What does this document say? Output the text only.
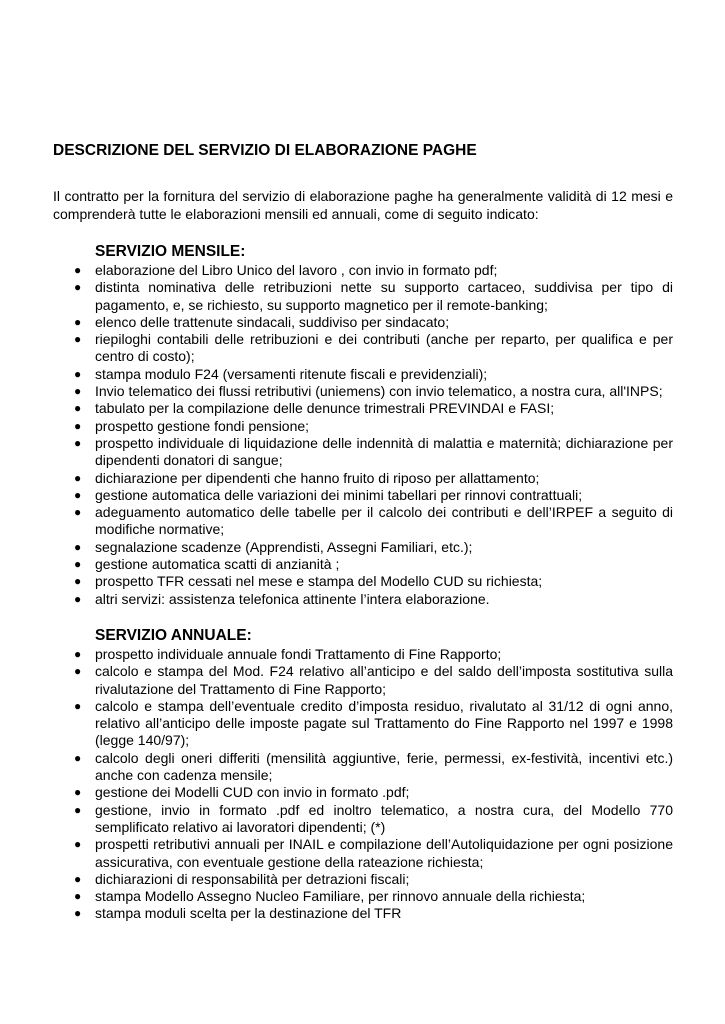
DESCRIZIONE DEL SERVIZIO DI ELABORAZIONE PAGHE

Il contratto per la fornitura del servizio di elaborazione paghe ha generalmente validità di 12 mesi e comprenderà tutte le elaborazioni mensili ed annuali, come di seguito indicato:

SERVIZIO MENSILE:
● elaborazione del Libro Unico del lavoro , con invio in formato pdf;
● distinta nominativa delle retribuzioni nette su supporto cartaceo, suddivisa per tipo di pagamento, e, se richiesto, su supporto magnetico per il remote-banking;
● elenco delle trattenute sindacali, suddiviso per sindacato;
● riepiloghi contabili delle retribuzioni e dei contributi (anche per reparto, per qualifica e per centro di costo);
● stampa modulo F24 (versamenti ritenute fiscali e previdenziali);
● Invio telematico dei flussi retributivi (uniemens) con invio telematico, a nostra cura, all'INPS;
● tabulato per la compilazione delle denunce trimestrali PREVINDAI e FASI;
● prospetto gestione fondi pensione;
● prospetto individuale di liquidazione delle indennità di malattia e maternità; dichiarazione per dipendenti donatori di sangue;
● dichiarazione per dipendenti che hanno fruito di riposo per allattamento;
● gestione automatica delle variazioni dei minimi tabellari per rinnovi contrattuali;
● adeguamento automatico delle tabelle per il calcolo dei contributi e dell’IRPEF a seguito di modifiche normative;
● segnalazione scadenze (Apprendisti, Assegni Familiari, etc.);
● gestione automatica scatti di anzianità ;
● prospetto TFR cessati nel mese e stampa del Modello CUD su richiesta;
● altri servizi: assistenza telefonica attinente l’intera elaborazione.
SERVIZIO ANNUALE:
● prospetto individuale annuale fondi Trattamento di Fine Rapporto;
● calcolo e stampa del Mod. F24 relativo all’anticipo e del saldo dell’imposta sostitutiva sulla rivalutazione del Trattamento di Fine Rapporto;
● calcolo e stampa dell’eventuale credito d’imposta residuo, rivalutato al 31/12 di ogni anno, relativo all’anticipo delle imposte pagate sul Trattamento do Fine Rapporto nel 1997 e 1998 (legge 140/97);
● calcolo degli oneri differiti (mensilità aggiuntive, ferie, permessi, ex-festività, incentivi etc.) anche con cadenza mensile;
● gestione dei Modelli CUD con invio in formato .pdf;
● gestione, invio in formato .pdf ed inoltro telematico, a nostra cura, del Modello 770 semplificato relativo ai lavoratori dipendenti; (*)
● prospetti retributivi annuali per INAIL e compilazione dell’Autoliquidazione per ogni posizione assicurativa, con eventuale gestione della rateazione richiesta;
● dichiarazioni di responsabilità per detrazioni fiscali;
● stampa Modello Assegno Nucleo Familiare, per rinnovo annuale della richiesta;
● stampa moduli scelta per la destinazione del TFR
